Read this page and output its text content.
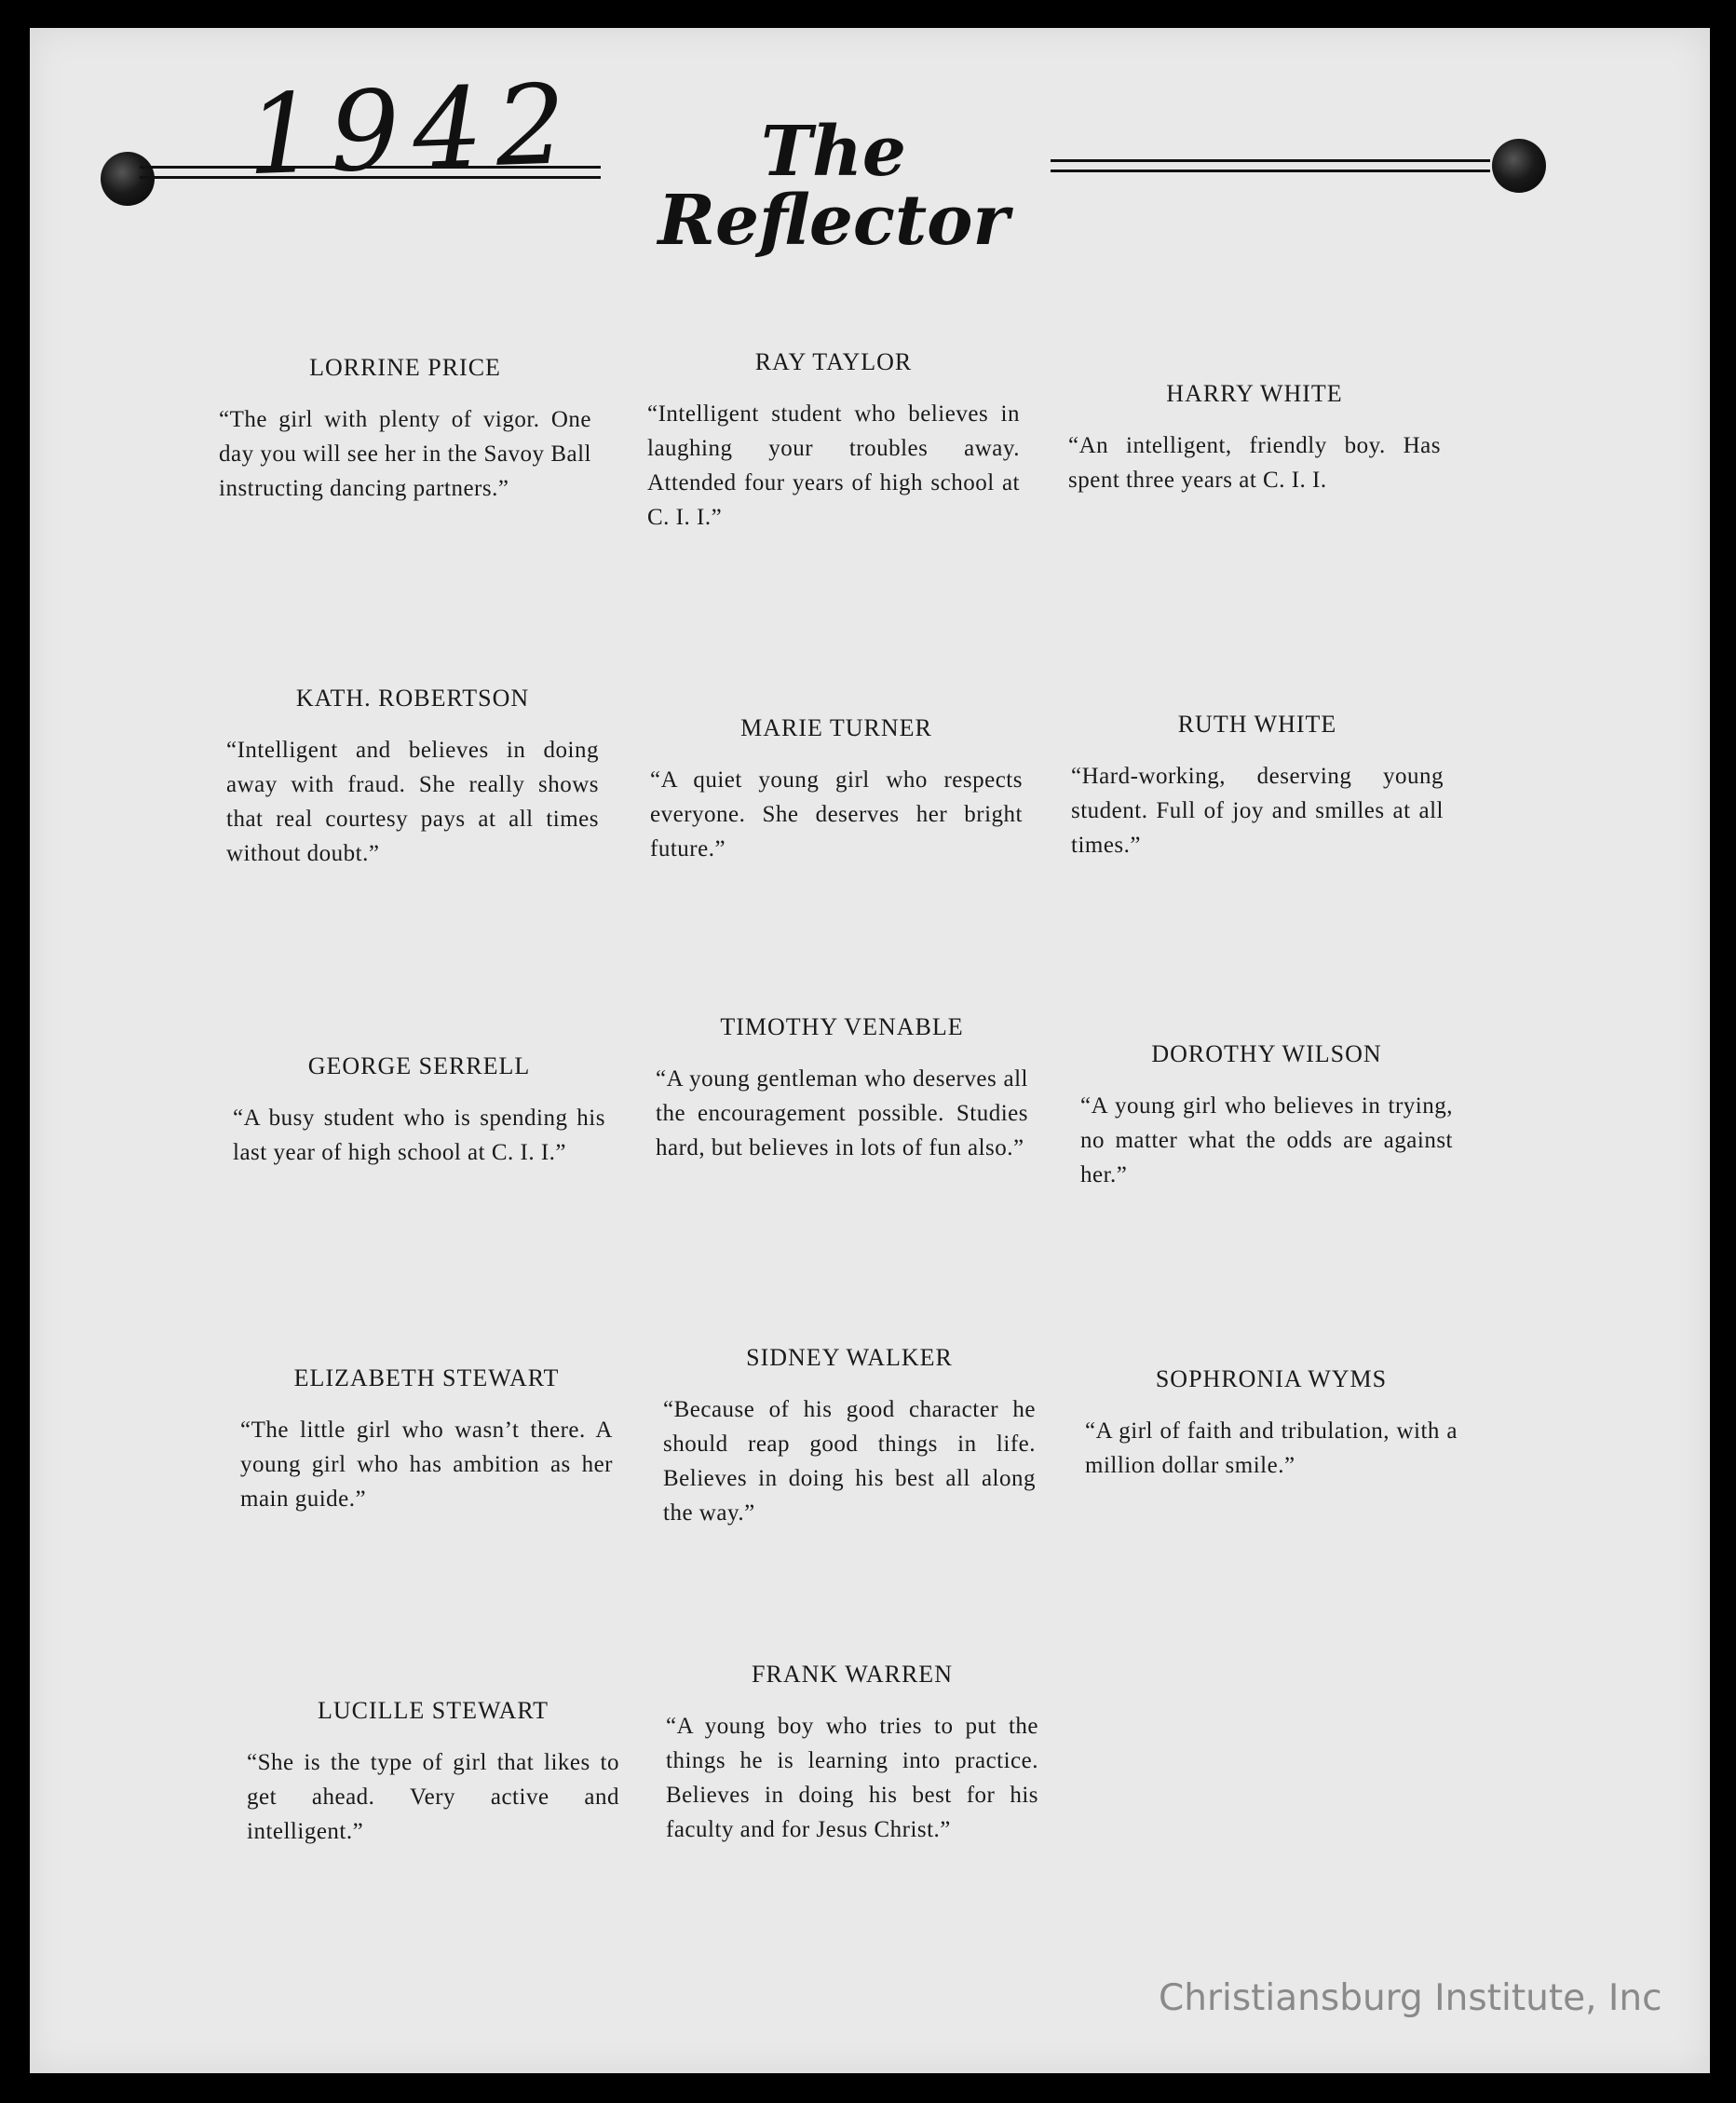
1942	The Reflector
LORRINE PRICE
“The girl with plenty of vigor. One day you will see her in the Savoy Ball instructing dancing partners.”
RAY TAYLOR
“Intelligent student who believes in laughing your troubles away. Attended four years of high school at C. I. I.”
HARRY WHITE
“An intelligent, friendly boy. Has spent three years at C. I. I.
KATH. ROBERTSON
“Intelligent and believes in doing away with fraud. She really shows that real courtesy pays at all times without doubt.”
MARIE TURNER
“A quiet young girl who respects everyone. She deserves her bright future.”
RUTH WHITE
“Hard-working, deserving young student. Full of joy and smilles at all times.”
GEORGE SERRELL
“A busy student who is spending his last year of high school at C. I. I.”
TIMOTHY VENABLE
“A young gentleman who deserves all the encouragement possible. Studies hard, but believes in lots of fun also.”
DOROTHY WILSON
“A young girl who believes in trying, no matter what the odds are against her.”
ELIZABETH STEWART
“The little girl who wasn’t there. A young girl who has ambition as her main guide.”
SIDNEY WALKER
“Because of his good character he should reap good things in life. Believes in doing his best all along the way.”
SOPHRONIA WYMS
“A girl of faith and tribulation, with a million dollar smile.”
LUCILLE STEWART
“She is the type of girl that likes to get ahead. Very active and intelligent.”
FRANK WARREN
“A young boy who tries to put the things he is learning into practice. Believes in doing his best for his faculty and for Jesus Christ.”
Christiansburg Institute, Inc
